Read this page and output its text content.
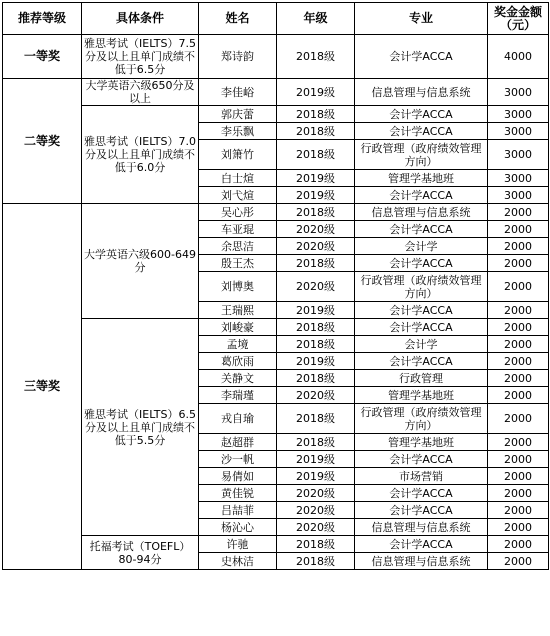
推荐等级	具体条件	姓名	年级	专业	奖金金额
（元）
一等奖	雅思考试（IELTS）7.5分及以上且单门成绩不低于6.5分	郑诗韵	2018级	会计学ACCA	4000
二等奖	大学英语六级650分及以上	李佳峪	2019级	信息管理与信息系统	3000
	雅思考试（IELTS）7.0分及以上且单门成绩不低于6.0分	郭庆蕾	2018级	会计学ACCA	3000
		李乐飘	2018级	会计学ACCA	3000
		刘箫竹	2018级	行政管理（政府绩效管理方向）	3000
		白士煊	2019级	管理学基地班	3000
		刘弋煊	2019级	会计学ACCA	3000
三等奖	大学英语六级600-649分	吴心彤	2018级	信息管理与信息系统	2000
		车亚琨	2020级	会计学ACCA	2000
		余思洁	2020级	会计学	2000
		殷王杰	2018级	会计学ACCA	2000
		刘博奥	2020级	行政管理（政府绩效管理方向）	2000
		王瑞熙	2019级	会计学ACCA	2000
	雅思考试（IELTS）6.5分及以上且单门成绩不低于5.5分	刘峻豪	2018级	会计学ACCA	2000
		孟境	2018级	会计学	2000
		葛欣雨	2019级	会计学ACCA	2000
		关静文	2018级	行政管理	2000
		李瑞瑾	2020级	管理学基地班	2000
		戎自瑜	2018级	行政管理（政府绩效管理方向）	2000
		赵超群	2018级	管理学基地班	2000
		沙一帆	2019级	会计学ACCA	2000
		易倩如	2019级	市场营销	2000
		黄佳锐	2020级	会计学ACCA	2000
		吕喆菲	2020级	会计学ACCA	2000
		杨沁心	2020级	信息管理与信息系统	2000
	托福考试（TOEFL）80-94分	许驰	2018级	会计学ACCA	2000
		史林洁	2018级	信息管理与信息系统	2000
